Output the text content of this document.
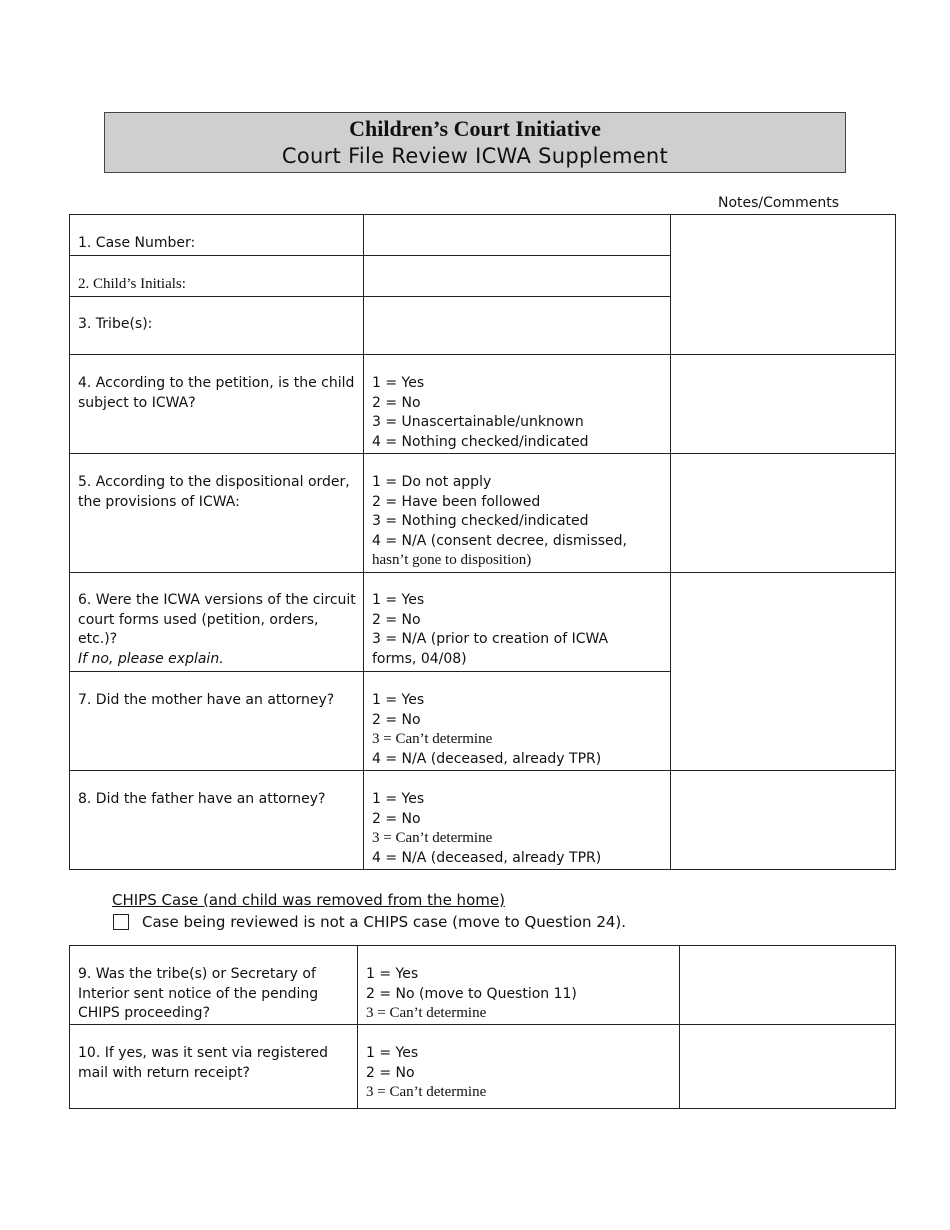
Children’s Court Initiative
Court File Review ICWA Supplement
Notes/Comments
1. Case Number:		
2. Child’s Initials:		
3. Tribe(s):		
4. According to the petition, is the child subject to ICWA?	1 = Yes
2 = No
3 = Unascertainable/unknown
4 = Nothing checked/indicated	

5. According to the dispositional order, the provisions of ICWA:	1 = Do not apply
2 = Have been followed
3 = Nothing checked/indicated
4 = N/A (consent decree, dismissed,
hasn’t gone to disposition)	

6. Were the ICWA versions of the circuit court forms used (petition, orders, etc.)?
If no, please explain.	1 = Yes
2 = No
3 = N/A (prior to creation of ICWA
forms, 04/08)	

7. Did the mother have an attorney?	1 = Yes
2 = No
3 = Can’t determine
4 = N/A (deceased, already TPR)	

8. Did the father have an attorney?	1 = Yes
2 = No
3 = Can’t determine
4 = N/A (deceased, already TPR)	

CHIPS Case (and child was removed from the home)
Case being reviewed is not a CHIPS case (move to Question 24).
9. Was the tribe(s) or Secretary of Interior sent notice of the pending CHIPS proceeding?	1 = Yes
2 = No (move to Question 11)
3 = Can’t determine	

10. If yes, was it sent via registered mail with return receipt?	1 = Yes
2 = No
3 = Can’t determine	
